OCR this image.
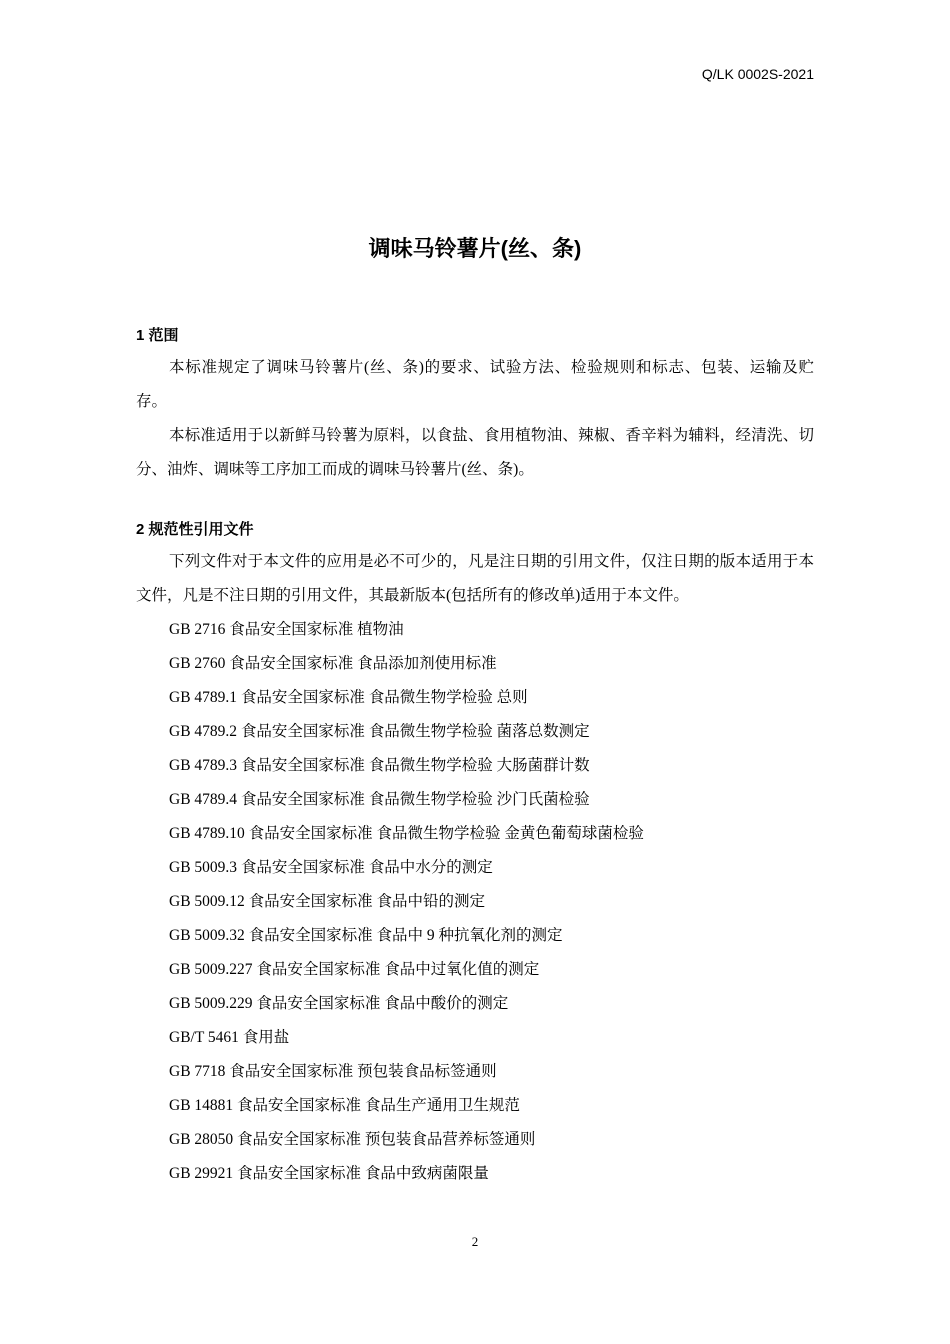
Q/LK 0002S-2021
调味马铃薯片(丝、条)
1 范围

本标准规定了调味马铃薯片(丝、条)的要求、试验方法、检验规则和标志、包装、运输及贮存。

本标准适用于以新鲜马铃薯为原料，以食盐、食用植物油、辣椒、香辛料为辅料，经清洗、切分、油炸、调味等工序加工而成的调味马铃薯片(丝、条)。

2 规范性引用文件

下列文件对于本文件的应用是必不可少的，凡是注日期的引用文件，仅注日期的版本适用于本文件，凡是不注日期的引用文件，其最新版本(包括所有的修改单)适用于本文件。

GB 2716 食品安全国家标准 植物油
GB 2760 食品安全国家标准 食品添加剂使用标准
GB 4789.1 食品安全国家标准 食品微生物学检验 总则
GB 4789.2 食品安全国家标准 食品微生物学检验 菌落总数测定
GB 4789.3 食品安全国家标准 食品微生物学检验 大肠菌群计数
GB 4789.4 食品安全国家标准 食品微生物学检验 沙门氏菌检验
GB 4789.10 食品安全国家标准 食品微生物学检验 金黄色葡萄球菌检验
GB 5009.3 食品安全国家标准 食品中水分的测定
GB 5009.12 食品安全国家标准 食品中铅的测定
GB 5009.32 食品安全国家标准 食品中 9 种抗氧化剂的测定
GB 5009.227 食品安全国家标准 食品中过氧化值的测定
GB 5009.229 食品安全国家标准 食品中酸价的测定
GB/T 5461 食用盐
GB 7718 食品安全国家标准 预包装食品标签通则
GB 14881 食品安全国家标准 食品生产通用卫生规范
GB 28050 食品安全国家标准 预包装食品营养标签通则
GB 29921 食品安全国家标准 食品中致病菌限量
2
